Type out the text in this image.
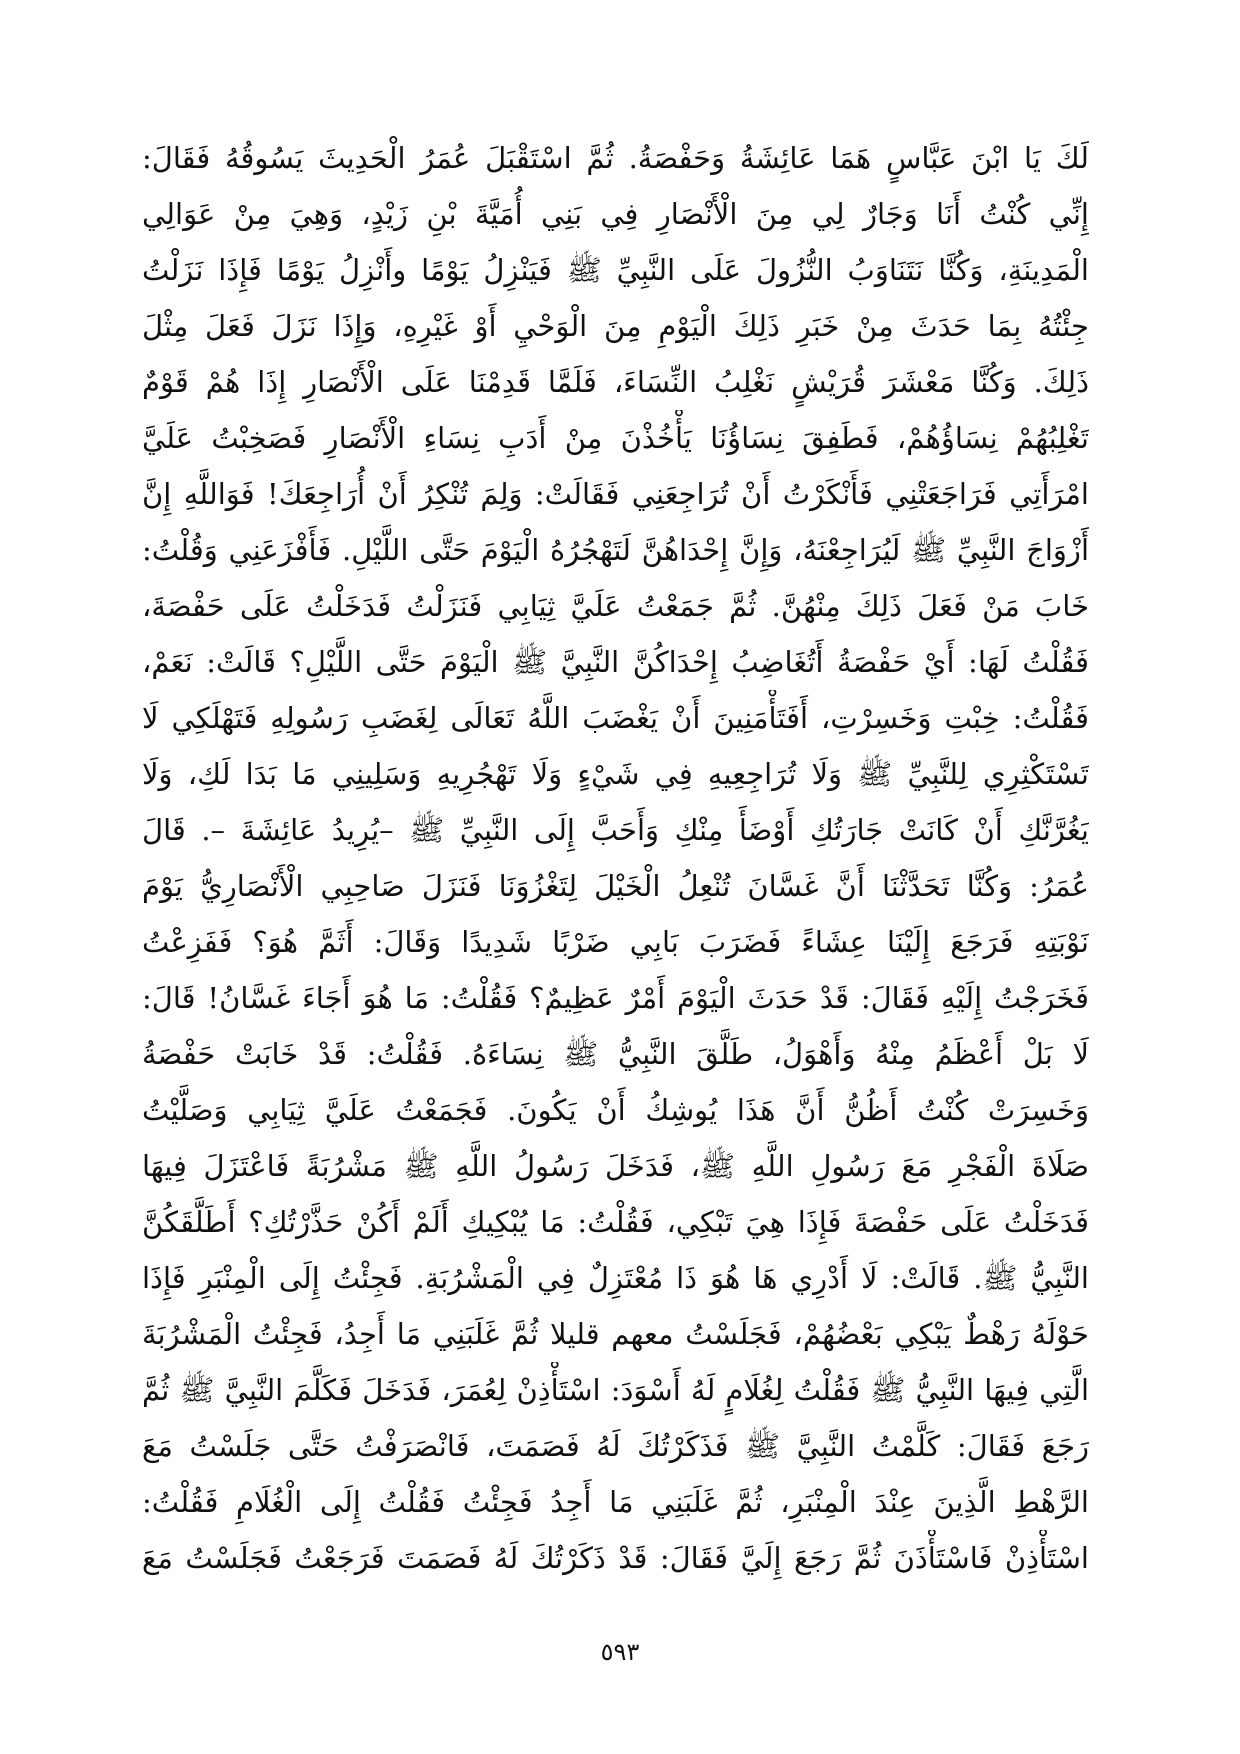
لَكَ يَا ابْنَ عَبَّاسٍ هَمَا عَائِشَةُ وَحَفْصَةُ. ثُمَّ اسْتَقْبَلَ عُمَرُ الْحَدِيثَ يَسُوقُهُ فَقَالَ:
إِنِّي كُنْتُ أَنَا وَجَارٌ لِي مِنَ الْأَنْصَارِ فِي بَنِي أُمَيَّةَ بْنِ زَيْدٍ، وَهِيَ مِنْ عَوَالِي
الْمَدِينَةِ، وَكُنَّا نَتَنَاوَبُ النُّزُولَ عَلَى النَّبِيِّ ﷺ فَيَنْزِلُ يَوْمًا وأَنْزِلُ يَوْمًا فَإِذَا نَزَلْتُ
جِئْتُهُ بِمَا حَدَثَ مِنْ خَبَرِ ذَلِكَ الْيَوْمِ مِنَ الْوَحْيِ أَوْ غَيْرِهِ، وَإِذَا نَزَلَ فَعَلَ مِثْلَ
ذَلِكَ. وَكُنَّا مَعْشَرَ قُرَيْشٍ نَغْلِبُ النِّسَاءَ، فَلَمَّا قَدِمْنَا عَلَى الْأَنْصَارِ إِذَا هُمْ قَوْمٌ
تَغْلِبُهُمْ نِسَاؤُهُمْ، فَطَفِقَ نِسَاؤُنَا يَأْخُذْنَ مِنْ أَدَبِ نِسَاءِ الْأَنْصَارِ فَصَخِبْتُ عَلَيَّ
امْرَأَتِي فَرَاجَعَتْنِي فَأَنْكَرْتُ أَنْ تُرَاجِعَنِي فَقَالَتْ: وَلِمَ تُنْكِرُ أَنْ أُرَاجِعَكَ! فَوَاللَّهِ إِنَّ
أَزْوَاجَ النَّبِيِّ ﷺ لَيُرَاجِعْنَهُ، وَإِنَّ إِحْدَاهُنَّ لَتَهْجُرُهُ الْيَوْمَ حَتَّى اللَّيْلِ. فَأَفْزَعَنِي وَقُلْتُ:
خَابَ مَنْ فَعَلَ ذَلِكَ مِنْهُنَّ. ثُمَّ جَمَعْتُ عَلَيَّ ثِيَابِي فَنَزَلْتُ فَدَخَلْتُ عَلَى حَفْصَةَ،
فَقُلْتُ لَهَا: أَيْ حَفْصَةُ أَتُغَاضِبُ إِحْدَاكُنَّ النَّبِيَّ ﷺ الْيَوْمَ حَتَّى اللَّيْلِ؟ قَالَتْ: نَعَمْ،
فَقُلْتُ: خِبْتِ وَخَسِرْتِ، أَفَتَأْمَنِينَ أَنْ يَغْضَبَ اللَّهُ تَعَالَى لِغَضَبِ رَسُولِهِ فَتَهْلَكِي لَا
تَسْتَكْثِرِي لِلنَّبِيِّ ﷺ وَلَا تُرَاجِعِيهِ فِي شَيْءٍ وَلَا تَهْجُرِيهِ وَسَلِينِي مَا بَدَا لَكِ، وَلَا
يَغُرَّنَّكِ أَنْ كَانَتْ جَارَتُكِ أَوْضَأَ مِنْكِ وَأَحَبَّ إِلَى النَّبِيِّ ﷺ –يُرِيدُ عَائِشَةَ –. قَالَ
عُمَرُ: وَكُنَّا تَحَدَّثْنَا أَنَّ غَسَّانَ تُنْعِلُ الْخَيْلَ لِتَغْزُوَنَا فَنَزَلَ صَاحِبِي الْأَنْصَارِيُّ يَوْمَ
نَوْبَتِهِ فَرَجَعَ إِلَيْنَا عِشَاءً فَضَرَبَ بَابِي ضَرْبًا شَدِيدًا وَقَالَ: أَثَمَّ هُوَ؟ فَفَزِعْتُ
فَخَرَجْتُ إِلَيْهِ فَقَالَ: قَدْ حَدَثَ الْيَوْمَ أَمْرٌ عَظِيمٌ؟ فَقُلْتُ: مَا هُوَ أَجَاءَ غَسَّانُ! قَالَ:
لَا بَلْ أَعْظَمُ مِنْهُ وَأَهْوَلُ، طَلَّقَ النَّبِيُّ ﷺ نِسَاءَهُ. فَقُلْتُ: قَدْ خَابَتْ حَفْصَةُ
وَخَسِرَتْ كُنْتُ أَظُنُّ أَنَّ هَذَا يُوشِكُ أَنْ يَكُونَ. فَجَمَعْتُ عَلَيَّ ثِيَابِي وَصَلَّيْتُ
صَلَاةَ الْفَجْرِ مَعَ رَسُولِ اللَّهِ ﷺ، فَدَخَلَ رَسُولُ اللَّهِ ﷺ مَشْرُبَةً فَاعْتَزَلَ فِيهَا
فَدَخَلْتُ عَلَى حَفْصَةَ فَإِذَا هِيَ تَبْكِي، فَقُلْتُ: مَا يُبْكِيكِ أَلَمْ أَكُنْ حَذَّرْتُكِ؟ أَطَلَّقَكُنَّ
النَّبِيُّ ﷺ. قَالَتْ: لَا أَدْرِي هَا هُوَ ذَا مُعْتَزِلٌ فِي الْمَشْرُبَةِ. فَجِئْتُ إِلَى الْمِنْبَرِ فَإِذَا
حَوْلَهُ رَهْطٌ يَبْكِي بَعْضُهُمْ، فَجَلَسْتُ معهم قليلا ثُمَّ غَلَبَنِي مَا أَجِدُ، فَجِئْتُ الْمَشْرُبَةَ
الَّتِي فِيهَا النَّبِيُّ ﷺ فَقُلْتُ لِغُلَامٍ لَهُ أَسْوَدَ: اسْتَأْذِنْ لِعُمَرَ، فَدَخَلَ فَكَلَّمَ النَّبِيَّ ﷺ ثُمَّ
رَجَعَ فَقَالَ: كَلَّمْتُ النَّبِيَّ ﷺ فَذَكَرْتُكَ لَهُ فَصَمَتَ، فَانْصَرَفْتُ حَتَّى جَلَسْتُ مَعَ
الرَّهْطِ الَّذِينَ عِنْدَ الْمِنْبَرِ، ثُمَّ غَلَبَنِي مَا أَجِدُ فَجِئْتُ فَقُلْتُ إِلَى الْغُلَامِ فَقُلْتُ:
اسْتَأْذِنْ فَاسْتَأْذَنَ ثُمَّ رَجَعَ إِلَيَّ فَقَالَ: قَدْ ذَكَرْتُكَ لَهُ فَصَمَتَ فَرَجَعْتُ فَجَلَسْتُ مَعَ
٥٩٣
